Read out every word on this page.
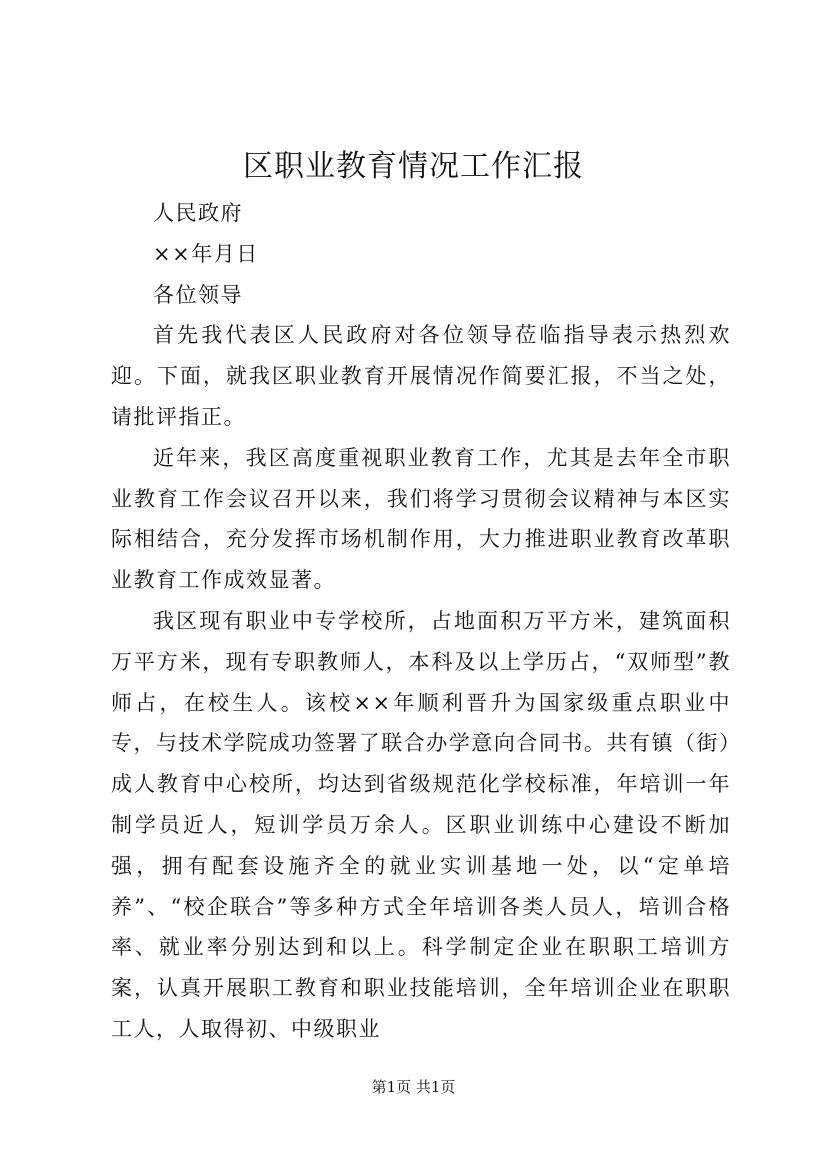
区职业教育情况工作汇报

人民政府

××年月日

各位领导

首先我代表区人民政府对各位领导莅临指导表示热烈欢迎。下面，就我区职业教育开展情况作简要汇报，不当之处，请批评指正。

近年来，我区高度重视职业教育工作，尤其是去年全市职业教育工作会议召开以来，我们将学习贯彻会议精神与本区实际相结合，充分发挥市场机制作用，大力推进职业教育改革职业教育工作成效显著。

我区现有职业中专学校所，占地面积万平方米，建筑面积万平方米，现有专职教师人，本科及以上学历占，“双师型”教师占，在校生人。该校××年顺利晋升为国家级重点职业中专，与技术学院成功签署了联合办学意向合同书。共有镇（街）成人教育中心校所，均达到省级规范化学校标准，年培训一年制学员近人，短训学员万余人。区职业训练中心建设不断加强，拥有配套设施齐全的就业实训基地一处，以“定单培养”、“校企联合”等多种方式全年培训各类人员人，培训合格率、就业率分别达到和以上。科学制定企业在职职工培训方案，认真开展职工教育和职业技能培训，全年培训企业在职职工人，人取得初、中级职业

第1页 共1页
